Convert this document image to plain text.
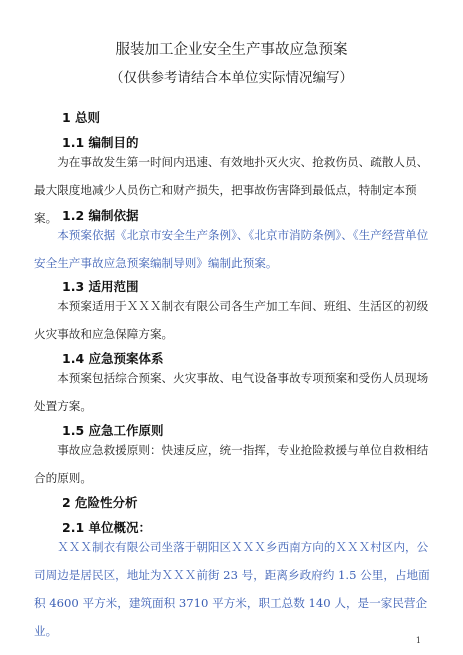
服装加工企业安全生产事故应急预案
（仅供参考请结合本单位实际情况编写）
1 总则
1.1 编制目的
为在事故发生第一时间内迅速、有效地扑灭火灾、抢救伤员、疏散人员、最大限度地减少人员伤亡和财产损失，把事故伤害降到最低点，特制定本预案。 1.2 编制依据
本预案依据《北京市安全生产条例》、《北京市消防条例》、《生产经营单位安全生产事故应急预案编制导则》编制此预案。
1.3 适用范围
本预案适用于ＸＸＸ制衣有限公司各生产加工车间、班组、生活区的初级火灾事故和应急保障方案。
1.4 应急预案体系
本预案包括综合预案、火灾事故、电气设备事故专项预案和受伤人员现场处置方案。
1.5 应急工作原则
事故应急救援原则：快速反应，统一指挥，专业抢险救援与单位自救相结合的原则。
2 危险性分析
2.1 单位概况：
ＸＸＸ制衣有限公司坐落于朝阳区ＸＸＸ乡西南方向的ＸＸＸ村区内，公司周边是居民区，地址为ＸＸＸ前街 23 号，距离乡政府约 1.5 公里，占地面积 4600 平方米，建筑面积 3710 平方米，职工总数 140 人，是一家民营企业。
1
